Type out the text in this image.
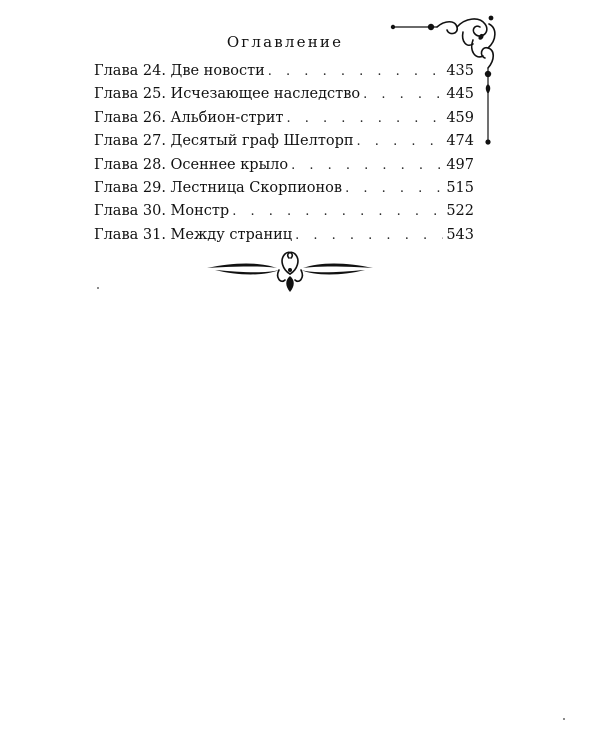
Оглавление
Глава 24. Две новости . . .	435
Глава 25. Исчезающее наследство . . .	445
Глава 26. Альбион-стрит . . .	459
Глава 27. Десятый граф Шелторп . . .	474
Глава 28. Осеннее крыло . . .	497
Глава 29. Лестница Скорпионов . . .	515
Глава 30. Монстр . . .	522
Глава 31. Между страниц . . .	543
